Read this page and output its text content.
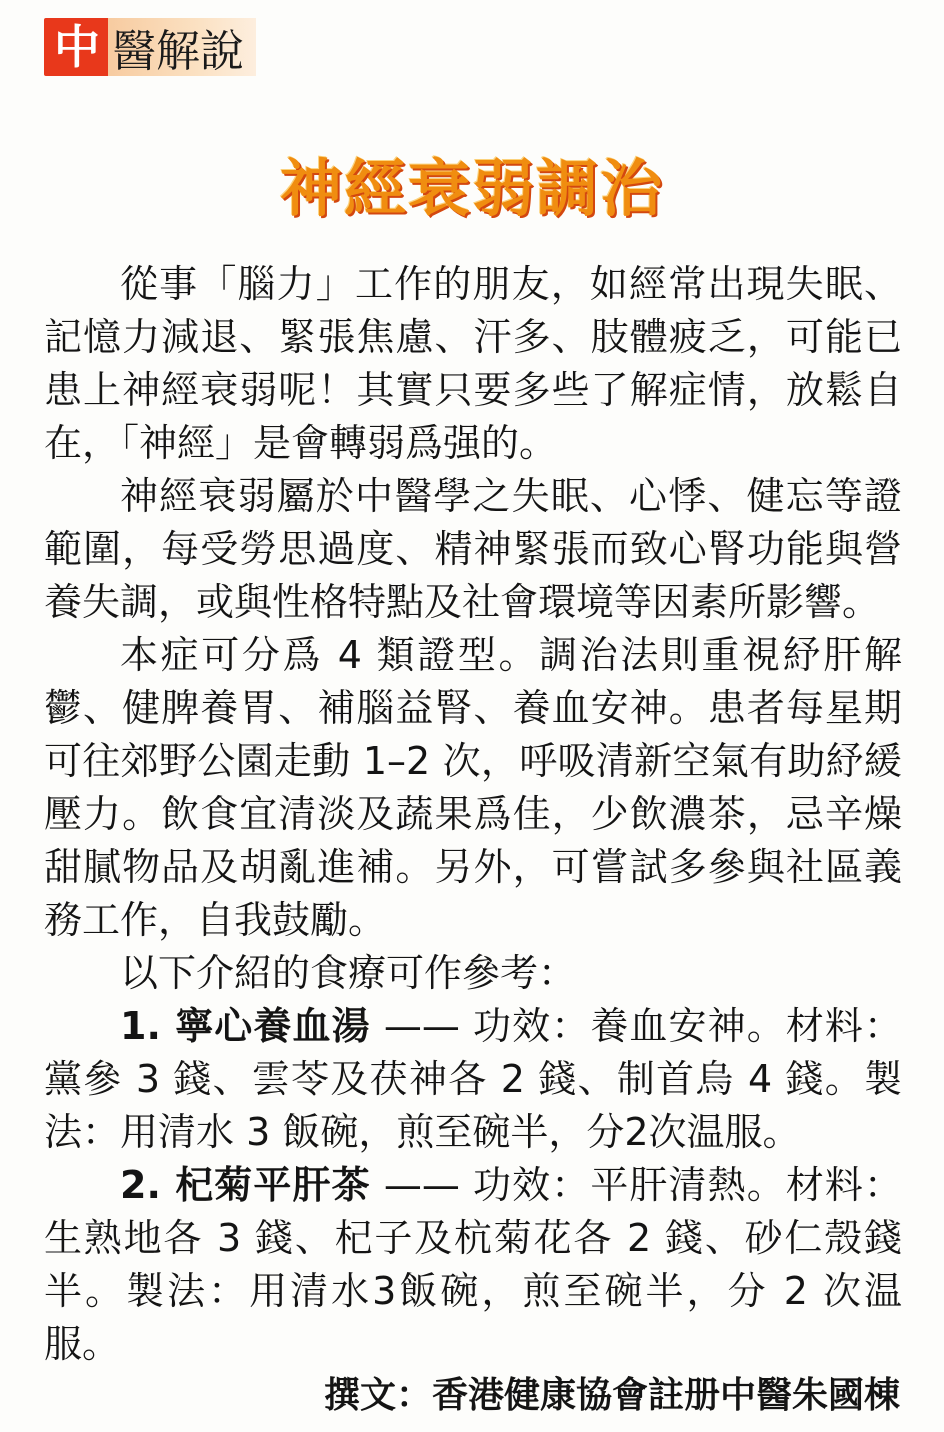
中 醫解說
神經衰弱調治

從事「腦力」工作的朋友，如經常出現失眠、記憶力減退、緊張焦慮、汗多、肢體疲乏，可能已患上神經衰弱呢！其實只要多些了解症情，放鬆自在，「神經」是會轉弱爲强的。

神經衰弱屬於中醫學之失眠、心悸、健忘等證範圍，每受勞思過度、精神緊張而致心腎功能與營養失調，或與性格特點及社會環境等因素所影響。

本症可分爲 4 類證型。調治法則重視紓肝解鬱、健脾養胃、補腦益腎、養血安神。患者每星期可往郊野公園走動 1–2 次，呼吸清新空氣有助紓緩壓力。飲食宜清淡及蔬果爲佳，少飲濃茶，忌辛燥甜膩物品及胡亂進補。另外，可嘗試多參與社區義務工作，自我鼓勵。

以下介紹的食療可作參考：

1. 寧心養血湯 —— 功效：養血安神。材料：黨參 3 錢、雲苓及茯神各 2 錢、制首烏 4 錢。製法：用清水 3 飯碗，煎至碗半，分2次温服。

2. 杞菊平肝茶 —— 功效：平肝清熱。材料：生熟地各 3 錢、杞子及杭菊花各 2 錢、砂仁殼錢半。製法：用清水3飯碗，煎至碗半，分 2 次温服。

撰文：香港健康協會註册中醫朱國棟
